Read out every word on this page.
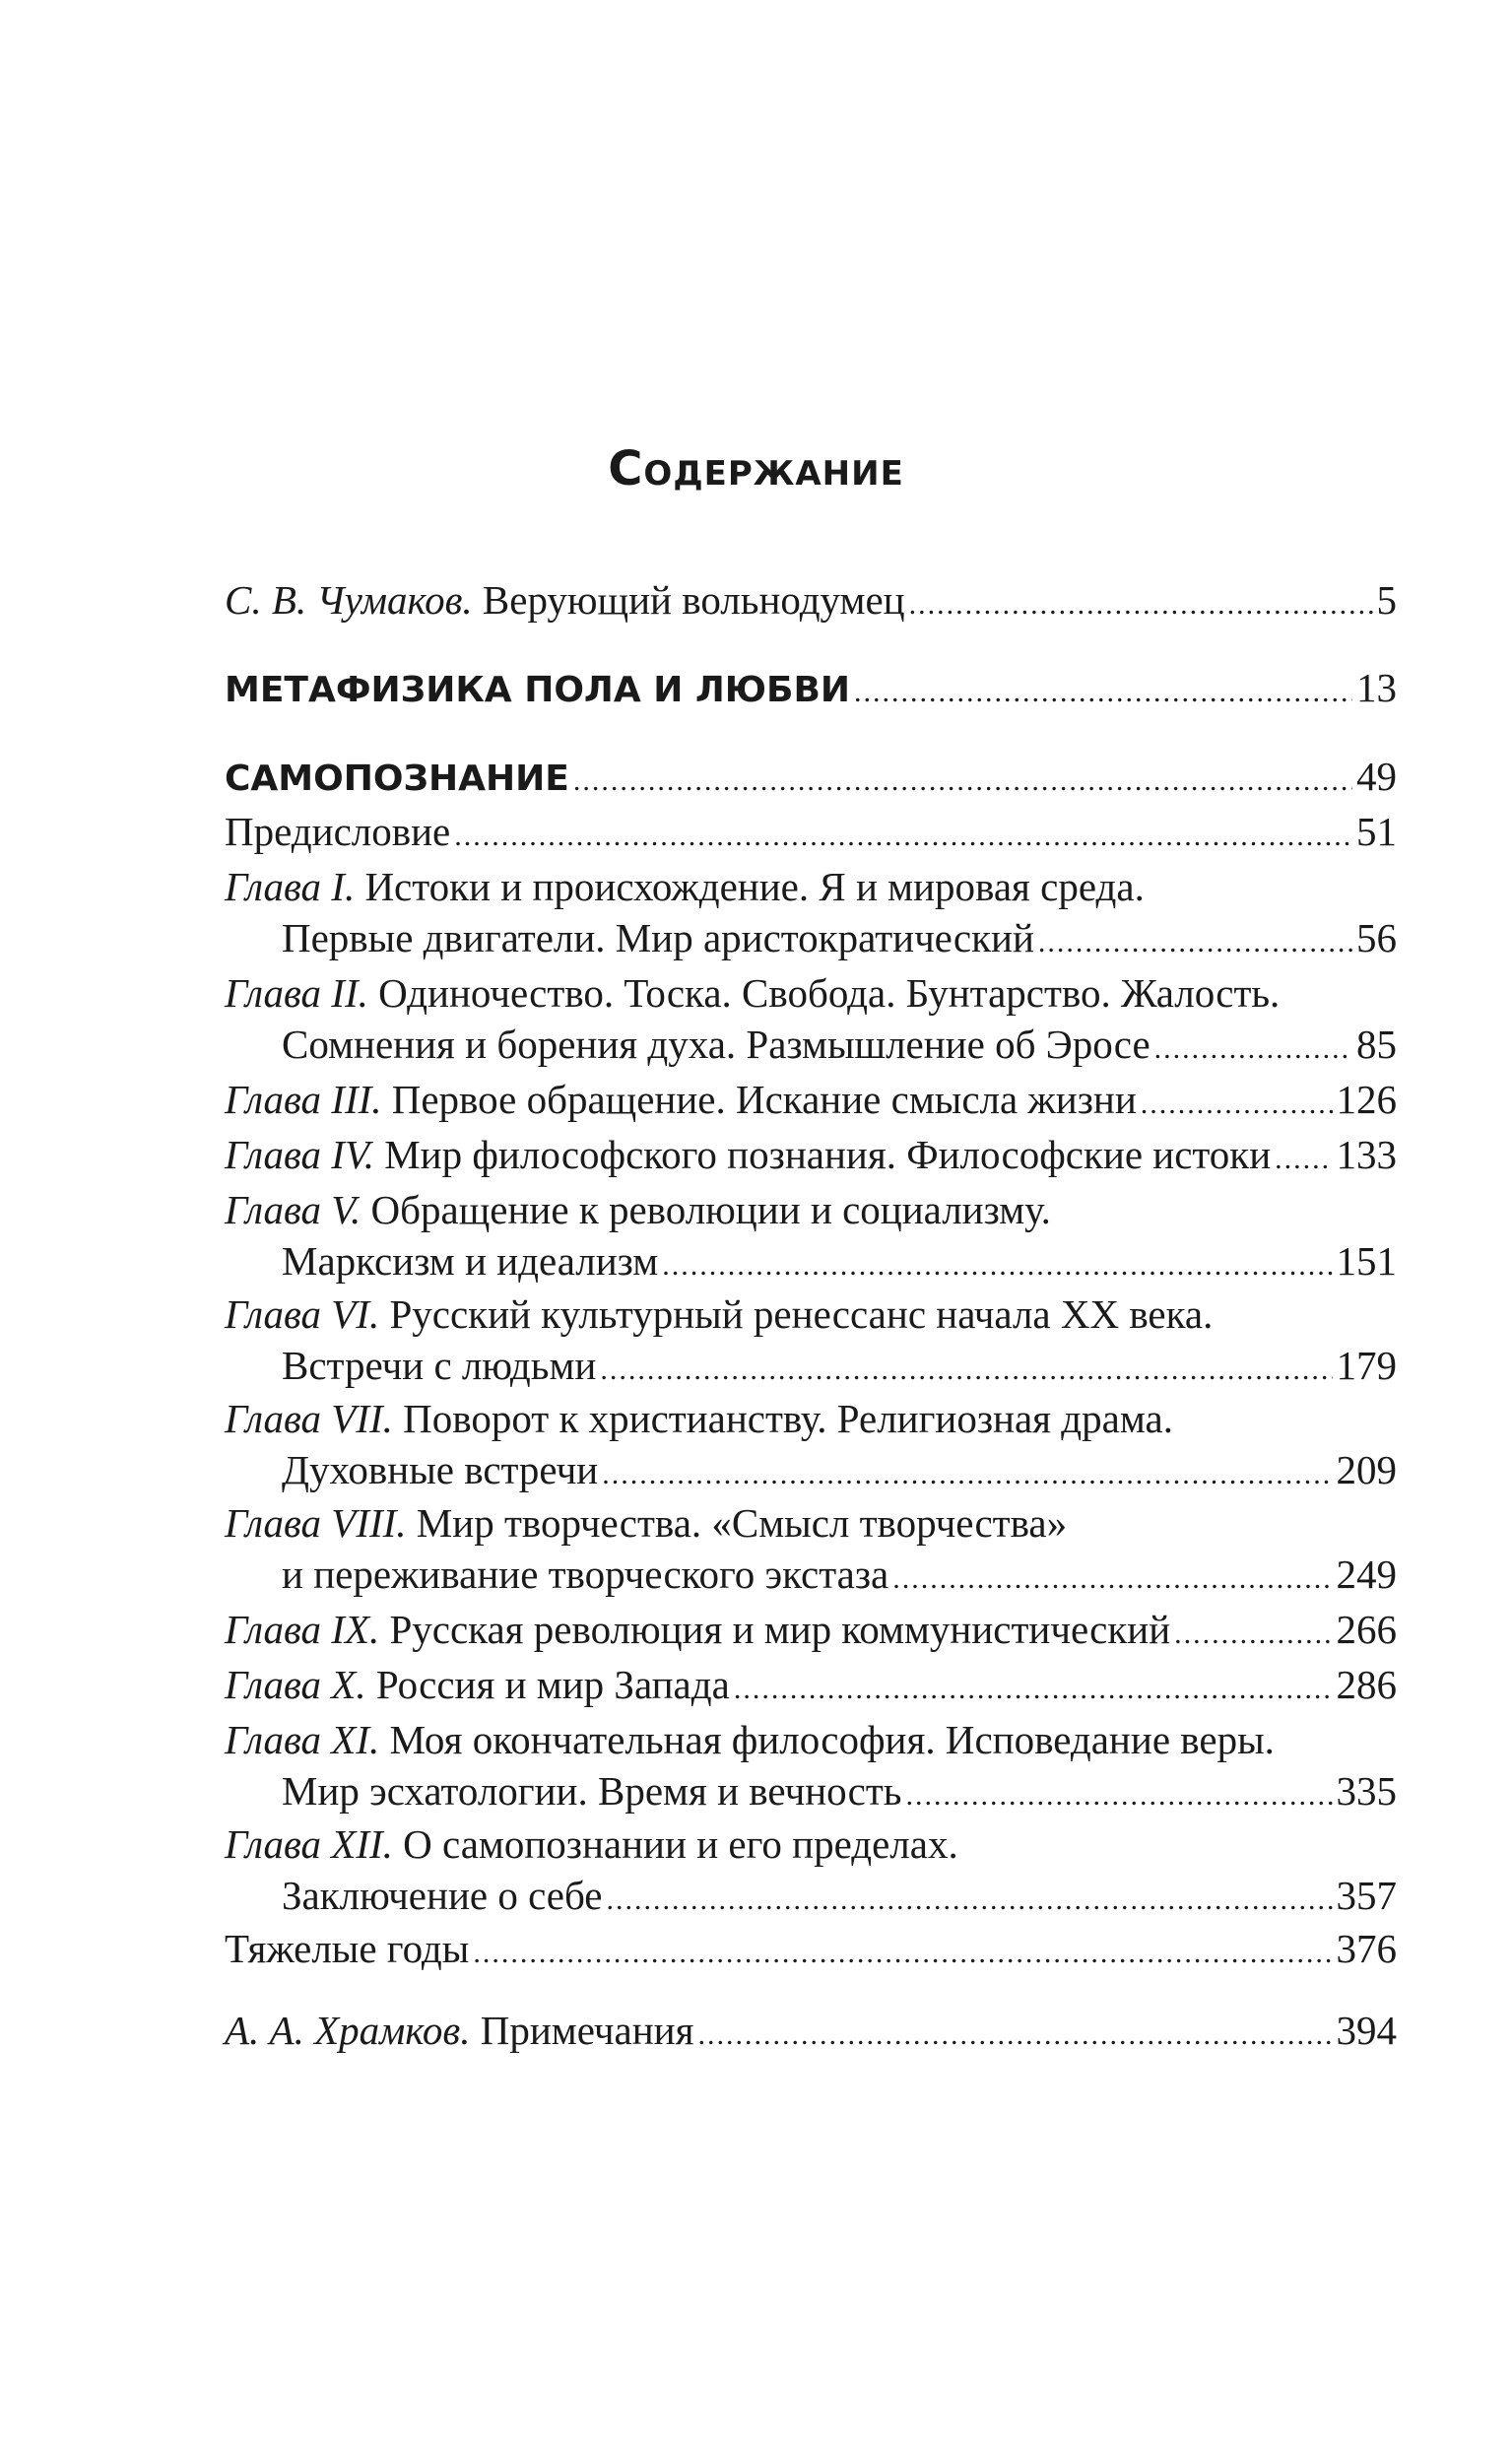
Содержание
С. В. Чумаков. Верующий вольнодумец .....	5
МЕТАФИЗИКА ПОЛА И ЛЮБВИ .....	13
САМОПОЗНАНИЕ .....	49
Предисловие .....	51
Глава I. Истоки и происхождение. Я и мировая среда.
Первые двигатели. Мир аристократический .....	56
Глава II. Одиночество. Тоска. Свобода. Бунтарство. Жалость.
Сомнения и борения духа. Размышление об Эросе .....	85
Глава III. Первое обращение. Искание смысла жизни .....	126
Глава IV. Мир философского познания. Философские истоки ..... 133
Глава V. Обращение к революции и социализму.
Марксизм и идеализм .....	151
Глава VI. Русский культурный ренессанс начала XX века.
Встречи с людьми .....	179
Глава VII. Поворот к христианству. Религиозная драма.
Духовные встречи .....	209
Глава VIII. Мир творчества. «Смысл творчества»
и переживание творческого экстаза .....	249
Глава IX. Русская революция и мир коммунистический .....	266
Глава X. Россия и мир Запада .....	286
Глава XI. Моя окончательная философия. Исповедание веры.
Мир эсхатологии. Время и вечность .....	335
Глава XII. О самопознании и его пределах.
Заключение о себе .....	357
Тяжелые годы .....	376
А. А. Храмков. Примечания .....	394
